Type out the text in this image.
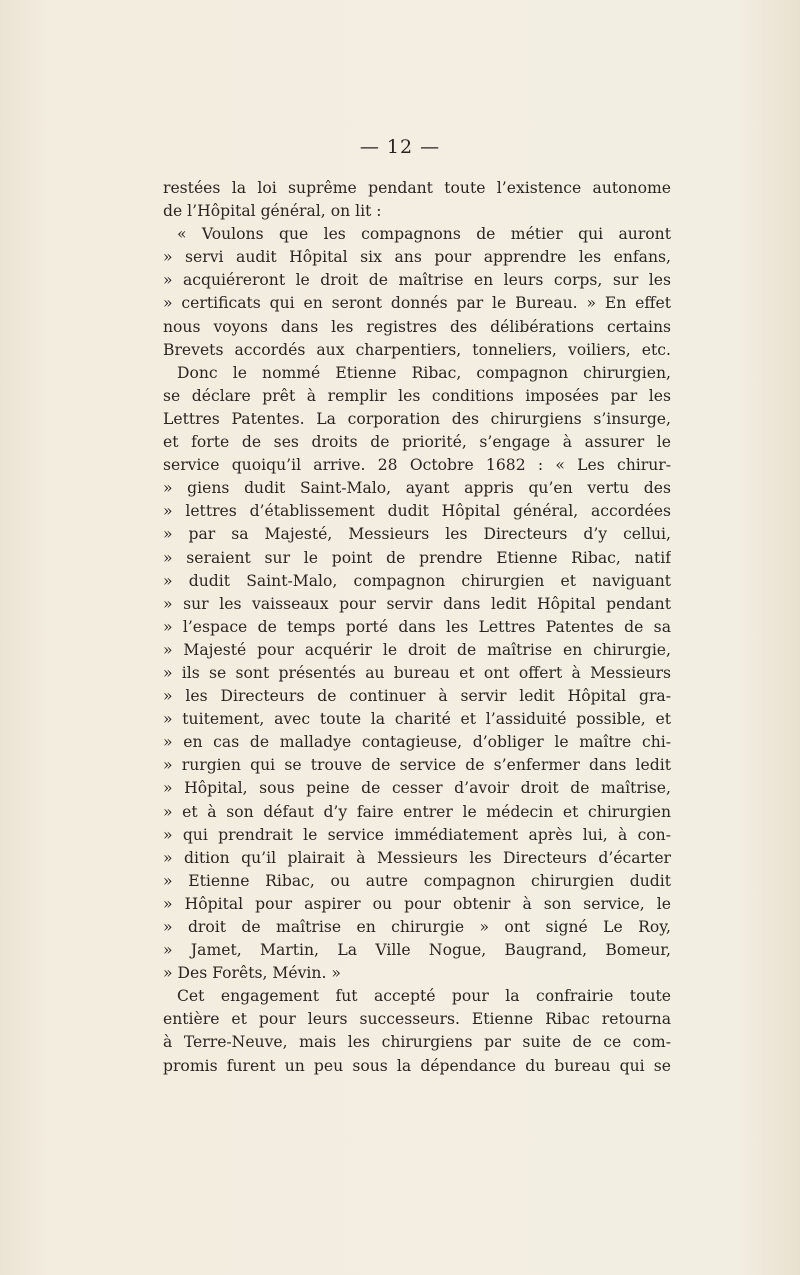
— 12 —
restées la loi suprême pendant toute l’existence autonome
de l’Hôpital général, on lit :
« Voulons que les compagnons de métier qui auront
» servi audit Hôpital six ans pour apprendre les enfans,
» acquiéreront le droit de maîtrise en leurs corps, sur les
» certificats qui en seront donnés par le Bureau. » En effet
nous voyons dans les registres des délibérations certains
Brevets accordés aux charpentiers, tonneliers, voiliers, etc.
Donc le nommé Etienne Ribac, compagnon chirurgien,
se déclare prêt à remplir les conditions imposées par les
Lettres Patentes. La corporation des chirurgiens s’insurge,
et forte de ses droits de priorité, s’engage à assurer le
service quoiqu’il arrive. 28 Octobre 1682 : « Les chirur-
» giens dudit Saint-Malo, ayant appris qu’en vertu des
» lettres d’établissement dudit Hôpital général, accordées
» par sa Majesté, Messieurs les Directeurs d’y cellui,
» seraient sur le point de prendre Etienne Ribac, natif
» dudit Saint-Malo, compagnon chirurgien et naviguant
» sur les vaisseaux pour servir dans ledit Hôpital pendant
» l’espace de temps porté dans les Lettres Patentes de sa
» Majesté pour acquérir le droit de maîtrise en chirurgie,
» ils se sont présentés au bureau et ont offert à Messieurs
» les Directeurs de continuer à servir ledit Hôpital gra-
» tuitement, avec toute la charité et l’assiduité possible, et
» en cas de malladye contagieuse, d’obliger le maître chi-
» rurgien qui se trouve de service de s’enfermer dans ledit
» Hôpital, sous peine de cesser d’avoir droit de maîtrise,
» et à son défaut d’y faire entrer le médecin et chirurgien
» qui prendrait le service immédiatement après lui, à con-
» dition qu’il plairait à Messieurs les Directeurs d’écarter
» Etienne Ribac, ou autre compagnon chirurgien dudit
» Hôpital pour aspirer ou pour obtenir à son service, le
» droit de maîtrise en chirurgie » ont signé Le Roy,
» Jamet, Martin, La Ville Nogue, Baugrand, Bomeur,
» Des Forêts, Mévin. »
Cet engagement fut accepté pour la confrairie toute
entière et pour leurs successeurs. Etienne Ribac retourna
à Terre-Neuve, mais les chirurgiens par suite de ce com-
promis furent un peu sous la dépendance du bureau qui se
